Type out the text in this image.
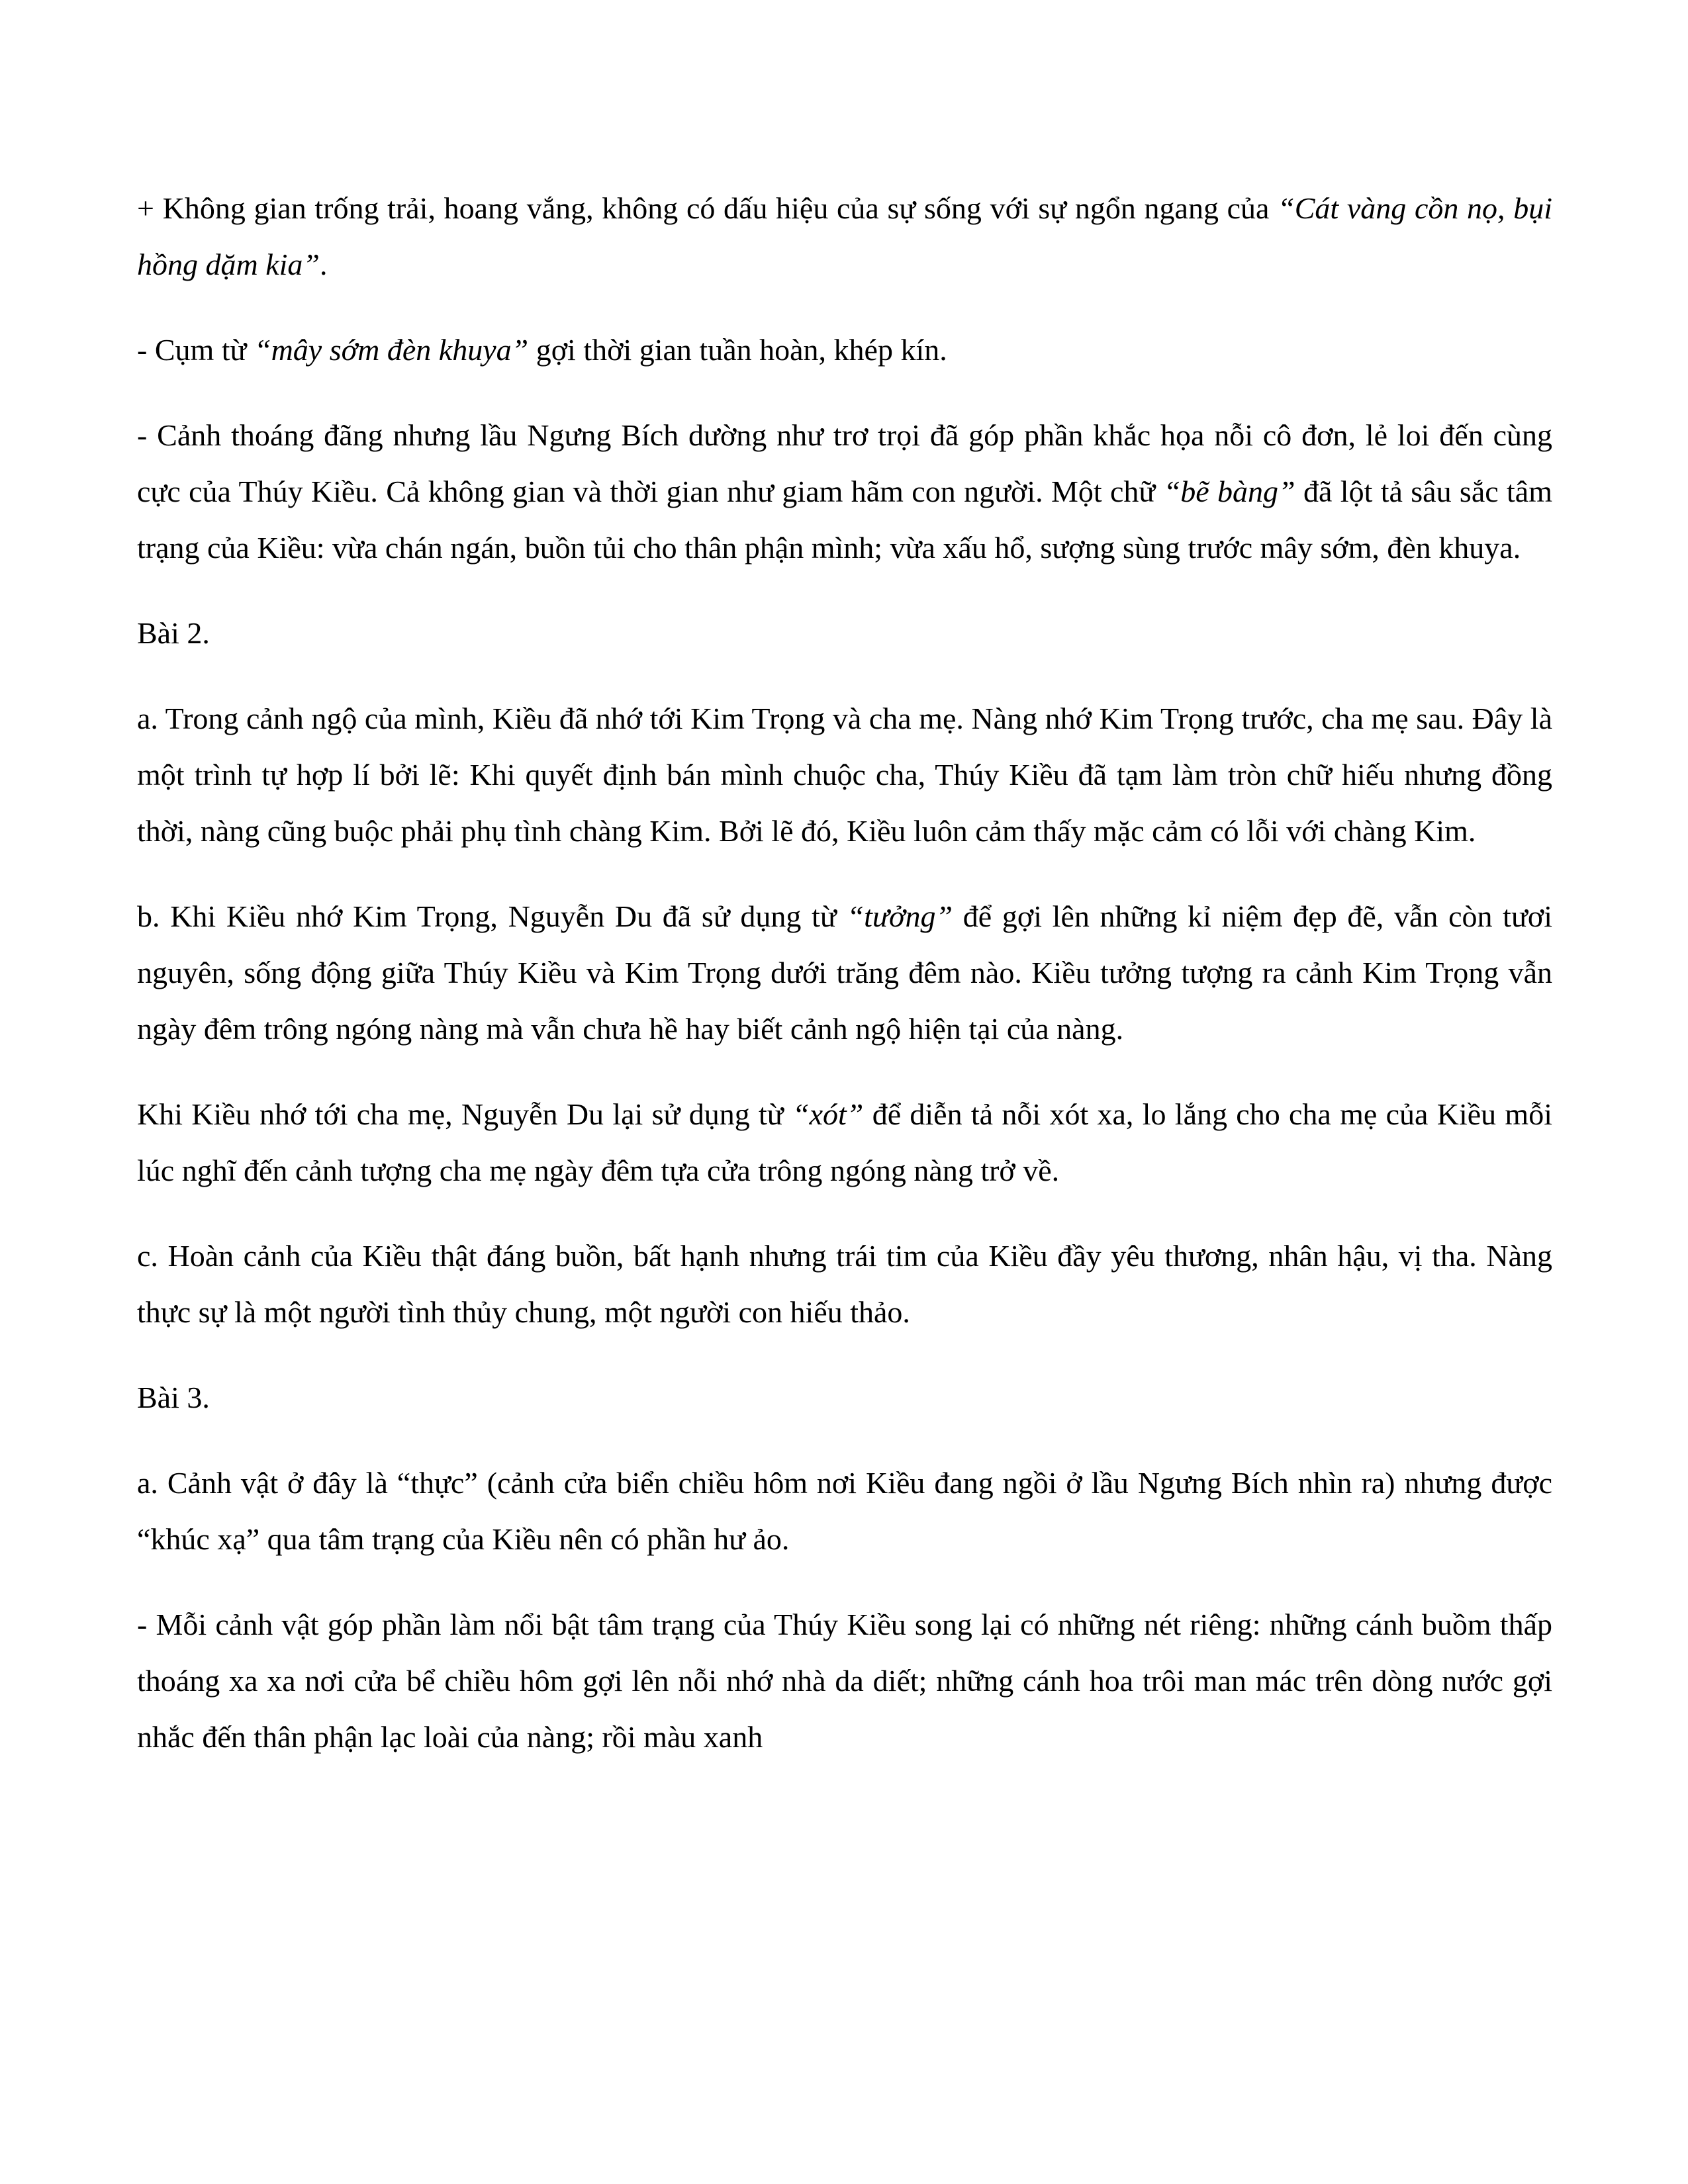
+ Không gian trống trải, hoang vắng, không có dấu hiệu của sự sống với sự ngổn ngang của “Cát vàng cồn nọ, bụi hồng dặm kia”.

- Cụm từ “mây sớm đèn khuya” gợi thời gian tuần hoàn, khép kín.

- Cảnh thoáng đãng nhưng lầu Ngưng Bích dường như trơ trọi đã góp phần khắc họa nỗi cô đơn, lẻ loi đến cùng cực của Thúy Kiều. Cả không gian và thời gian như giam hãm con người. Một chữ “bẽ bàng” đã lột tả sâu sắc tâm trạng của Kiều: vừa chán ngán, buồn tủi cho thân phận mình; vừa xấu hổ, sượng sùng trước mây sớm, đèn khuya.

Bài 2.

a. Trong cảnh ngộ của mình, Kiều đã nhớ tới Kim Trọng và cha mẹ. Nàng nhớ Kim Trọng trước, cha mẹ sau. Đây là một trình tự hợp lí bởi lẽ: Khi quyết định bán mình chuộc cha, Thúy Kiều đã tạm làm tròn chữ hiếu nhưng đồng thời, nàng cũng buộc phải phụ tình chàng Kim. Bởi lẽ đó, Kiều luôn cảm thấy mặc cảm có lỗi với chàng Kim.

b. Khi Kiều nhớ Kim Trọng, Nguyễn Du đã sử dụng từ “tưởng” để gợi lên những kỉ niệm đẹp đẽ, vẫn còn tươi nguyên, sống động giữa Thúy Kiều và Kim Trọng dưới trăng đêm nào. Kiều tưởng tượng ra cảnh Kim Trọng vẫn ngày đêm trông ngóng nàng mà vẫn chưa hề hay biết cảnh ngộ hiện tại của nàng.

Khi Kiều nhớ tới cha mẹ, Nguyễn Du lại sử dụng từ “xót” để diễn tả nỗi xót xa, lo lắng cho cha mẹ của Kiều mỗi lúc nghĩ đến cảnh tượng cha mẹ ngày đêm tựa cửa trông ngóng nàng trở về.

c. Hoàn cảnh của Kiều thật đáng buồn, bất hạnh nhưng trái tim của Kiều đầy yêu thương, nhân hậu, vị tha. Nàng thực sự là một người tình thủy chung, một người con hiếu thảo.

Bài 3.

a. Cảnh vật ở đây là “thực” (cảnh cửa biển chiều hôm nơi Kiều đang ngồi ở lầu Ngưng Bích nhìn ra) nhưng được “khúc xạ” qua tâm trạng của Kiều nên có phần hư ảo.

- Mỗi cảnh vật góp phần làm nổi bật tâm trạng của Thúy Kiều song lại có những nét riêng: những cánh buồm thấp thoáng xa xa nơi cửa bể chiều hôm gợi lên nỗi nhớ nhà da diết; những cánh hoa trôi man mác trên dòng nước gợi nhắc đến thân phận lạc loài của nàng; rồi màu xanh
